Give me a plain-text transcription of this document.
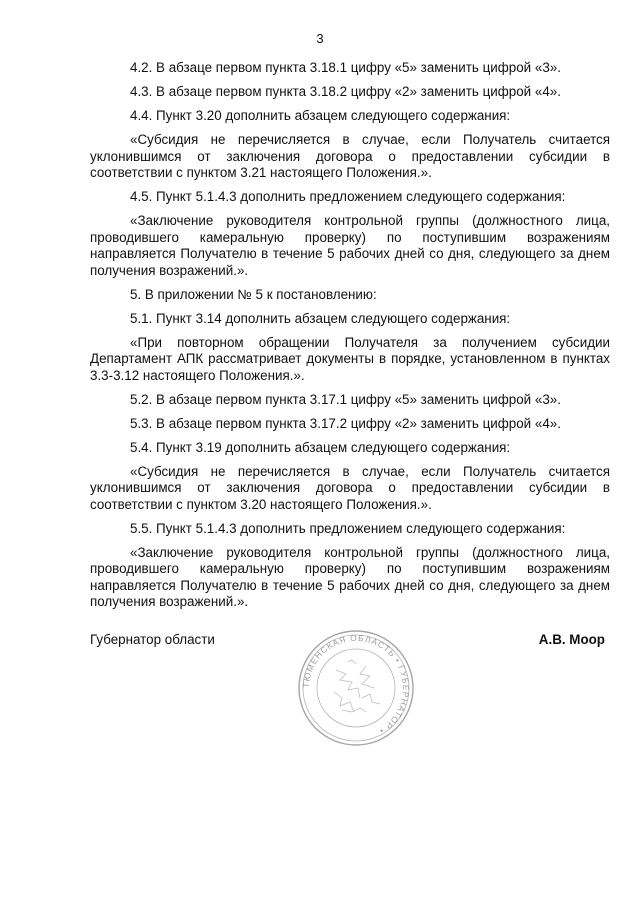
3

4.2. В абзаце первом пункта 3.18.1 цифру «5» заменить цифрой «3».

4.3. В абзаце первом пункта 3.18.2 цифру «2» заменить цифрой «4».

4.4. Пункт 3.20 дополнить абзацем следующего содержания:

«Субсидия не перечисляется в случае, если Получатель считается уклонившимся от заключения договора о предоставлении субсидии в соответствии с пунктом 3.21 настоящего Положения.».

4.5. Пункт 5.1.4.3 дополнить предложением следующего содержания:

«Заключение руководителя контрольной группы (должностного лица, проводившего камеральную проверку) по поступившим возражениям направляется Получателю в течение 5 рабочих дней со дня, следующего за днем получения возражений.».

5. В приложении № 5 к постановлению:

5.1. Пункт 3.14 дополнить абзацем следующего содержания:

«При повторном обращении Получателя за получением субсидии Департамент АПК рассматривает документы в порядке, установленном в пунктах 3.3-3.12 настоящего Положения.».

5.2. В абзаце первом пункта 3.17.1 цифру «5» заменить цифрой «3».

5.3. В абзаце первом пункта 3.17.2 цифру «2» заменить цифрой «4».

5.4. Пункт 3.19 дополнить абзацем следующего содержания:

«Субсидия не перечисляется в случае, если Получатель считается уклонившимся от заключения договора о предоставлении субсидии в соответствии с пунктом 3.20 настоящего Положения.».

5.5. Пункт 5.1.4.3 дополнить предложением следующего содержания:

«Заключение руководителя контрольной группы (должностного лица, проводившего камеральную проверку) по поступившим возражениям направляется Получателю в течение 5 рабочих дней со дня, следующего за днем получения возражений.».

Губернатор области	А.В. Моор
ТЮМЕНСКАЯ ОБЛАСТЬ • ГУБЕРНАТОР •
